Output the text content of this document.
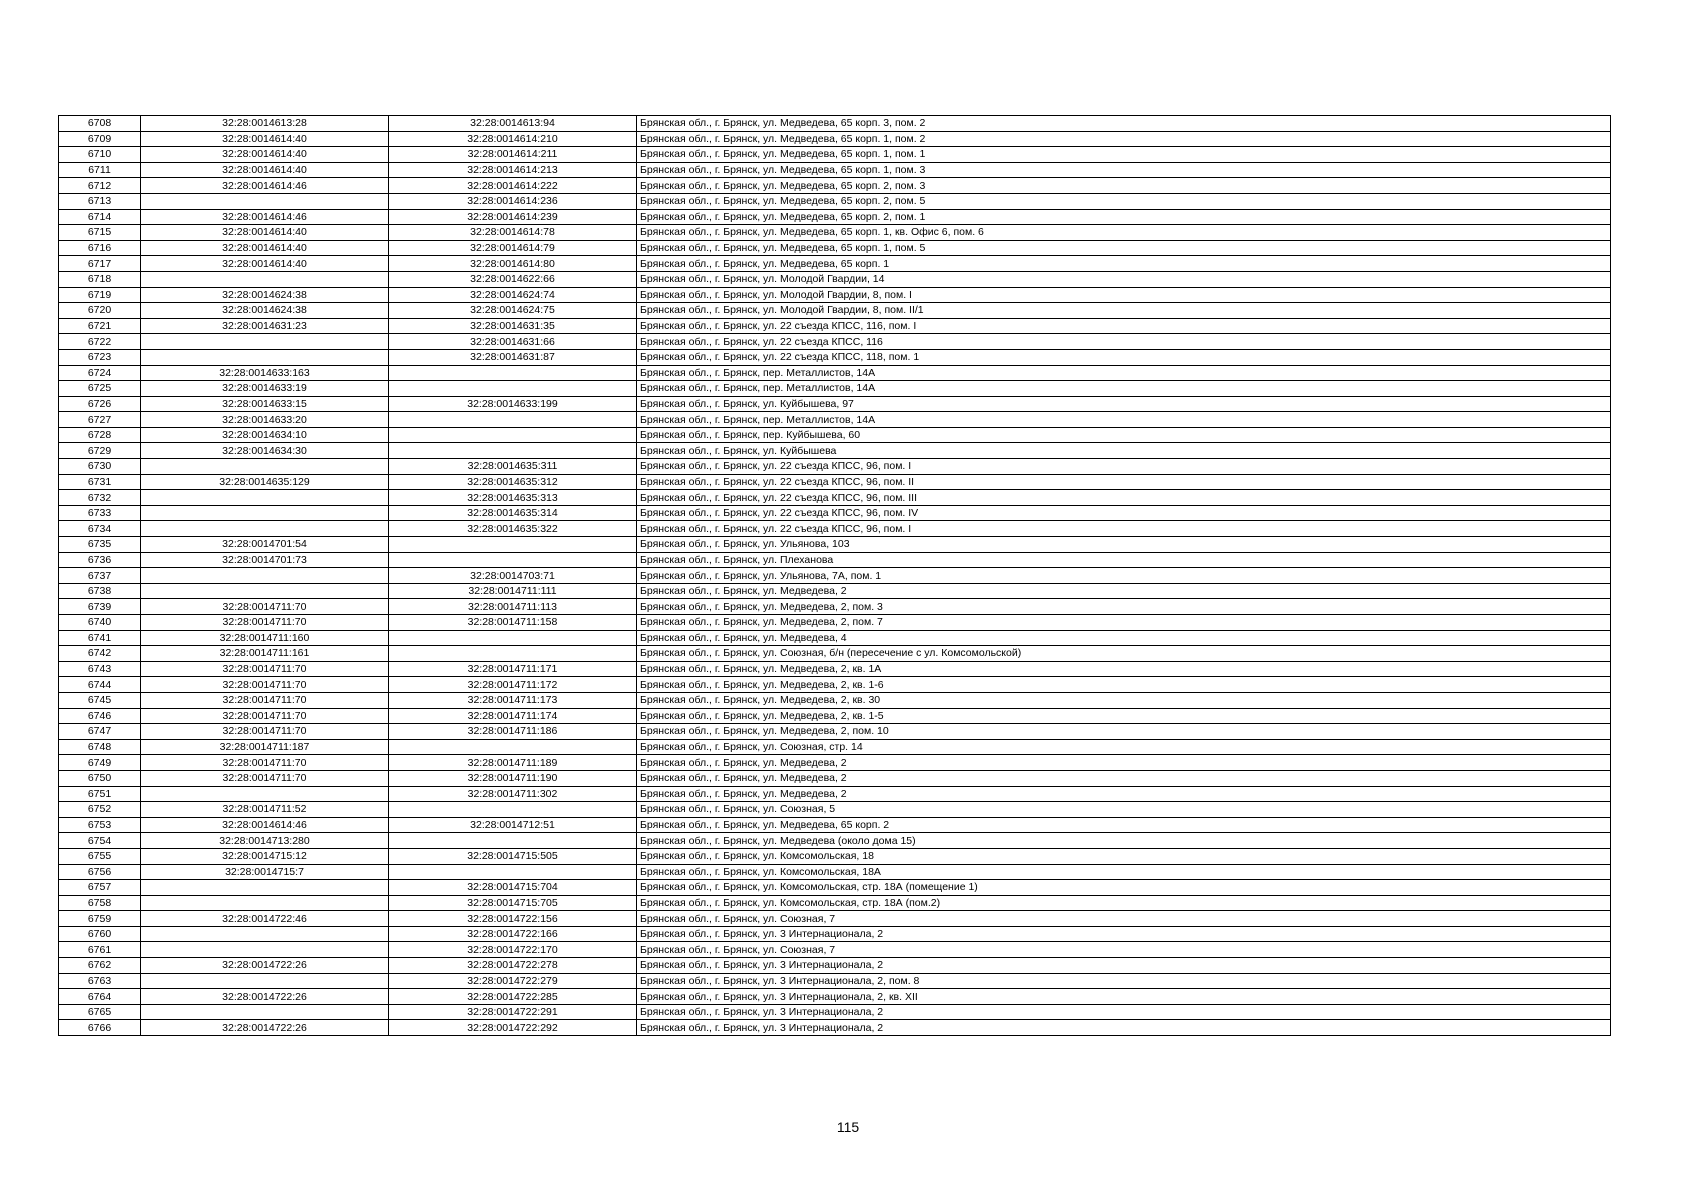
6708	32:28:0014613:28	32:28:0014613:94	Брянская обл., г. Брянск, ул. Медведева, 65 корп. 3, пом. 2
6709	32:28:0014614:40	32:28:0014614:210	Брянская обл., г. Брянск, ул. Медведева, 65 корп. 1, пом. 2
6710	32:28:0014614:40	32:28:0014614:211	Брянская обл., г. Брянск, ул. Медведева, 65 корп. 1, пом. 1
6711	32:28:0014614:40	32:28:0014614:213	Брянская обл., г. Брянск, ул. Медведева, 65 корп. 1, пом. 3
6712	32:28:0014614:46	32:28:0014614:222	Брянская обл., г. Брянск, ул. Медведева, 65 корп. 2, пом. 3
6713		32:28:0014614:236	Брянская обл., г. Брянск, ул. Медведева, 65 корп. 2, пом. 5
6714	32:28:0014614:46	32:28:0014614:239	Брянская обл., г. Брянск, ул. Медведева, 65 корп. 2, пом. 1
6715	32:28:0014614:40	32:28:0014614:78	Брянская обл., г. Брянск, ул. Медведева, 65 корп. 1, кв. Офис 6, пом. 6
6716	32:28:0014614:40	32:28:0014614:79	Брянская обл., г. Брянск, ул. Медведева, 65 корп. 1, пом. 5
6717	32:28:0014614:40	32:28:0014614:80	Брянская обл., г. Брянск, ул. Медведева, 65 корп. 1
6718		32:28:0014622:66	Брянская обл., г. Брянск, ул. Молодой Гвардии, 14
6719	32:28:0014624:38	32:28:0014624:74	Брянская обл., г. Брянск, ул. Молодой Гвардии, 8, пом. I
6720	32:28:0014624:38	32:28:0014624:75	Брянская обл., г. Брянск, ул. Молодой Гвардии, 8, пом. II/1
6721	32:28:0014631:23	32:28:0014631:35	Брянская обл., г. Брянск, ул. 22 съезда КПСС, 116, пом. I
6722		32:28:0014631:66	Брянская обл., г. Брянск, ул. 22 съезда КПСС, 116
6723		32:28:0014631:87	Брянская обл., г. Брянск, ул. 22 съезда КПСС, 118, пом. 1
6724	32:28:0014633:163		Брянская обл., г. Брянск, пер. Металлистов, 14А
6725	32:28:0014633:19		Брянская обл., г. Брянск, пер. Металлистов, 14А
6726	32:28:0014633:15	32:28:0014633:199	Брянская обл., г. Брянск, ул. Куйбышева, 97
6727	32:28:0014633:20		Брянская обл., г. Брянск, пер. Металлистов, 14А
6728	32:28:0014634:10		Брянская обл., г. Брянск, пер. Куйбышева, 60
6729	32:28:0014634:30		Брянская обл., г. Брянск, ул. Куйбышева
6730		32:28:0014635:311	Брянская обл., г. Брянск, ул. 22 съезда КПСС, 96, пом. I
6731	32:28:0014635:129	32:28:0014635:312	Брянская обл., г. Брянск, ул. 22 съезда КПСС, 96, пом. II
6732		32:28:0014635:313	Брянская обл., г. Брянск, ул. 22 съезда КПСС, 96, пом. III
6733		32:28:0014635:314	Брянская обл., г. Брянск, ул. 22 съезда КПСС, 96, пом. IV
6734		32:28:0014635:322	Брянская обл., г. Брянск, ул. 22 съезда КПСС, 96, пом. I
6735	32:28:0014701:54		Брянская обл., г. Брянск, ул. Ульянова, 103
6736	32:28:0014701:73		Брянская обл., г. Брянск, ул. Плеханова
6737		32:28:0014703:71	Брянская обл., г. Брянск, ул. Ульянова, 7А, пом. 1
6738		32:28:0014711:111	Брянская обл., г. Брянск, ул. Медведева, 2
6739	32:28:0014711:70	32:28:0014711:113	Брянская обл., г. Брянск, ул. Медведева, 2, пом. 3
6740	32:28:0014711:70	32:28:0014711:158	Брянская обл., г. Брянск, ул. Медведева, 2, пом. 7
6741	32:28:0014711:160		Брянская обл., г. Брянск, ул. Медведева, 4
6742	32:28:0014711:161		Брянская обл., г. Брянск, ул. Союзная, б/н (пересечение с ул. Комсомольской)
6743	32:28:0014711:70	32:28:0014711:171	Брянская обл., г. Брянск, ул. Медведева, 2, кв. 1А
6744	32:28:0014711:70	32:28:0014711:172	Брянская обл., г. Брянск, ул. Медведева, 2, кв. 1-6
6745	32:28:0014711:70	32:28:0014711:173	Брянская обл., г. Брянск, ул. Медведева, 2, кв. 30
6746	32:28:0014711:70	32:28:0014711:174	Брянская обл., г. Брянск, ул. Медведева, 2, кв. 1-5
6747	32:28:0014711:70	32:28:0014711:186	Брянская обл., г. Брянск, ул. Медведева, 2, пом. 10
6748	32:28:0014711:187		Брянская обл., г. Брянск, ул. Союзная, стр. 14
6749	32:28:0014711:70	32:28:0014711:189	Брянская обл., г. Брянск, ул. Медведева, 2
6750	32:28:0014711:70	32:28:0014711:190	Брянская обл., г. Брянск, ул. Медведева, 2
6751		32:28:0014711:302	Брянская обл., г. Брянск, ул. Медведева, 2
6752	32:28:0014711:52		Брянская обл., г. Брянск, ул. Союзная, 5
6753	32:28:0014614:46	32:28:0014712:51	Брянская обл., г. Брянск, ул. Медведева, 65 корп. 2
6754	32:28:0014713:280		Брянская обл., г. Брянск, ул. Медведева (около дома 15)
6755	32:28:0014715:12	32:28:0014715:505	Брянская обл., г. Брянск, ул. Комсомольская, 18
6756	32:28:0014715:7		Брянская обл., г. Брянск, ул. Комсомольская, 18А
6757		32:28:0014715:704	Брянская обл., г. Брянск, ул. Комсомольская, стр. 18А (помещение 1)
6758		32:28:0014715:705	Брянская обл., г. Брянск, ул. Комсомольская, стр. 18А (пом.2)
6759	32:28:0014722:46	32:28:0014722:156	Брянская обл., г. Брянск, ул. Союзная, 7
6760		32:28:0014722:166	Брянская обл., г. Брянск, ул. 3 Интернационала, 2
6761		32:28:0014722:170	Брянская обл., г. Брянск, ул. Союзная, 7
6762	32:28:0014722:26	32:28:0014722:278	Брянская обл., г. Брянск, ул. 3 Интернационала, 2
6763		32:28:0014722:279	Брянская обл., г. Брянск, ул. 3 Интернационала, 2, пом. 8
6764	32:28:0014722:26	32:28:0014722:285	Брянская обл., г. Брянск, ул. 3 Интернационала, 2, кв. XII
6765		32:28:0014722:291	Брянская обл., г. Брянск, ул. 3 Интернационала, 2
6766	32:28:0014722:26	32:28:0014722:292	Брянская обл., г. Брянск, ул. 3 Интернационала, 2
115
